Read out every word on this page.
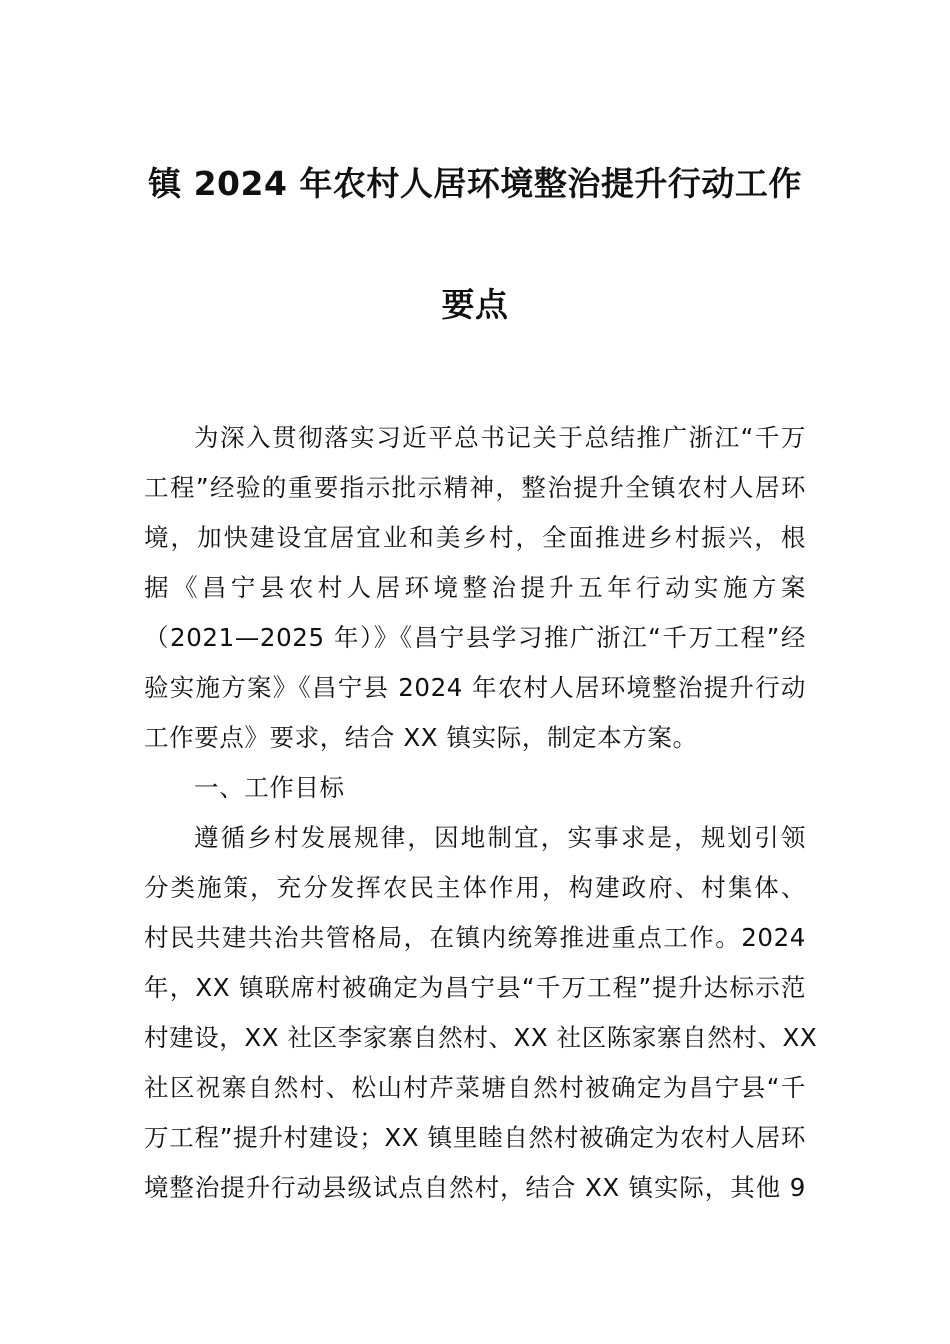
镇 2024 年农村人居环境整治提升行动工作
要点
为深入贯彻落实习近平总书记关于总结推广浙江“千万
工程”经验的重要指示批示精神，整治提升全镇农村人居环
境，加快建设宜居宜业和美乡村，全面推进乡村振兴，根
据《昌宁县农村人居环境整治提升五年行动实施方案
（2021—2025 年）》《昌宁县学习推广浙江“千万工程”经
验实施方案》《昌宁县 2024 年农村人居环境整治提升行动
工作要点》要求，结合 XX 镇实际，制定本方案。
一、工作目标
遵循乡村发展规律，因地制宜，实事求是，规划引领
分类施策，充分发挥农民主体作用，构建政府、村集体、
村民共建共治共管格局，在镇内统筹推进重点工作。2024
年，XX 镇联席村被确定为昌宁县“千万工程”提升达标示范
村建设，XX 社区李家寨自然村、XX 社区陈家寨自然村、XX
社区祝寨自然村、松山村芹菜塘自然村被确定为昌宁县“千
万工程”提升村建设；XX 镇里睦自然村被确定为农村人居环
境整治提升行动县级试点自然村，结合 XX 镇实际，其他 9
